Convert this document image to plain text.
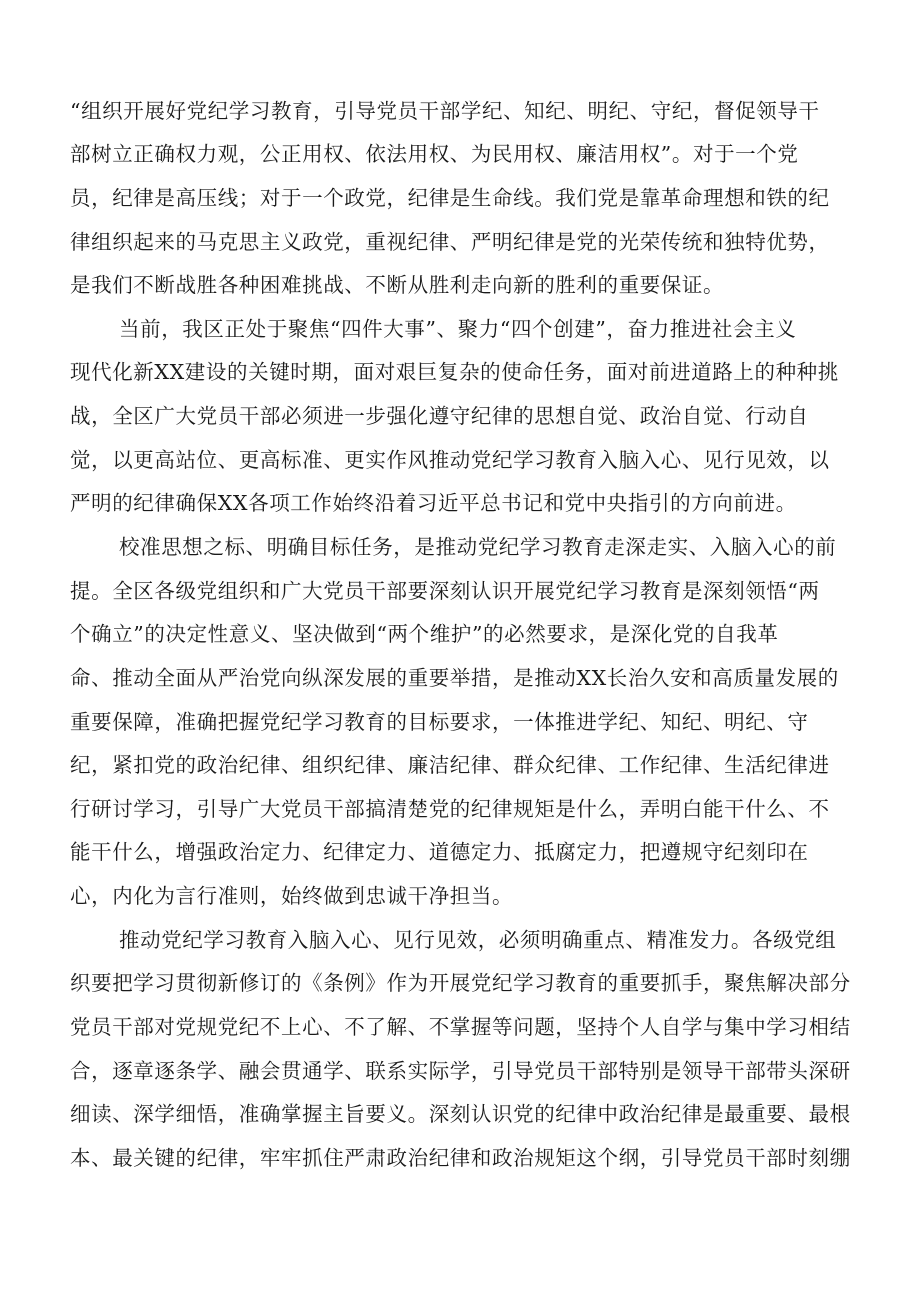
“组织开展好党纪学习教育，引导党员干部学纪、知纪、明纪、守纪，督促领导干
部树立正确权力观，公正用权、依法用权、为民用权、廉洁用权”。对于一个党
员，纪律是高压线；对于一个政党，纪律是生命线。我们党是靠革命理想和铁的纪
律组织起来的马克思主义政党，重视纪律、严明纪律是党的光荣传统和独特优势，
是我们不断战胜各种困难挑战、不断从胜利走向新的胜利的重要保证。
当前，我区正处于聚焦“四件大事”、聚力“四个创建”，奋力推进社会主义
现代化新XX建设的关键时期，面对艰巨复杂的使命任务，面对前进道路上的种种挑
战，全区广大党员干部必须进一步强化遵守纪律的思想自觉、政治自觉、行动自
觉，以更高站位、更高标准、更实作风推动党纪学习教育入脑入心、见行见效，以
严明的纪律确保XX各项工作始终沿着习近平总书记和党中央指引的方向前进。
校准思想之标、明确目标任务，是推动党纪学习教育走深走实、入脑入心的前
提。全区各级党组织和广大党员干部要深刻认识开展党纪学习教育是深刻领悟“两
个确立”的决定性意义、坚决做到“两个维护”的必然要求，是深化党的自我革
命、推动全面从严治党向纵深发展的重要举措，是推动XX长治久安和高质量发展的
重要保障，准确把握党纪学习教育的目标要求，一体推进学纪、知纪、明纪、守
纪，紧扣党的政治纪律、组织纪律、廉洁纪律、群众纪律、工作纪律、生活纪律进
行研讨学习，引导广大党员干部搞清楚党的纪律规矩是什么，弄明白能干什么、不
能干什么，增强政治定力、纪律定力、道德定力、抵腐定力，把遵规守纪刻印在
心，内化为言行准则，始终做到忠诚干净担当。
推动党纪学习教育入脑入心、见行见效，必须明确重点、精准发力。各级党组
织要把学习贯彻新修订的《条例》作为开展党纪学习教育的重要抓手，聚焦解决部分
党员干部对党规党纪不上心、不了解、不掌握等问题，坚持个人自学与集中学习相结
合，逐章逐条学、融会贯通学、联系实际学，引导党员干部特别是领导干部带头深研
细读、深学细悟，准确掌握主旨要义。深刻认识党的纪律中政治纪律是最重要、最根
本、最关键的纪律，牢牢抓住严肃政治纪律和政治规矩这个纲，引导党员干部时刻绷
